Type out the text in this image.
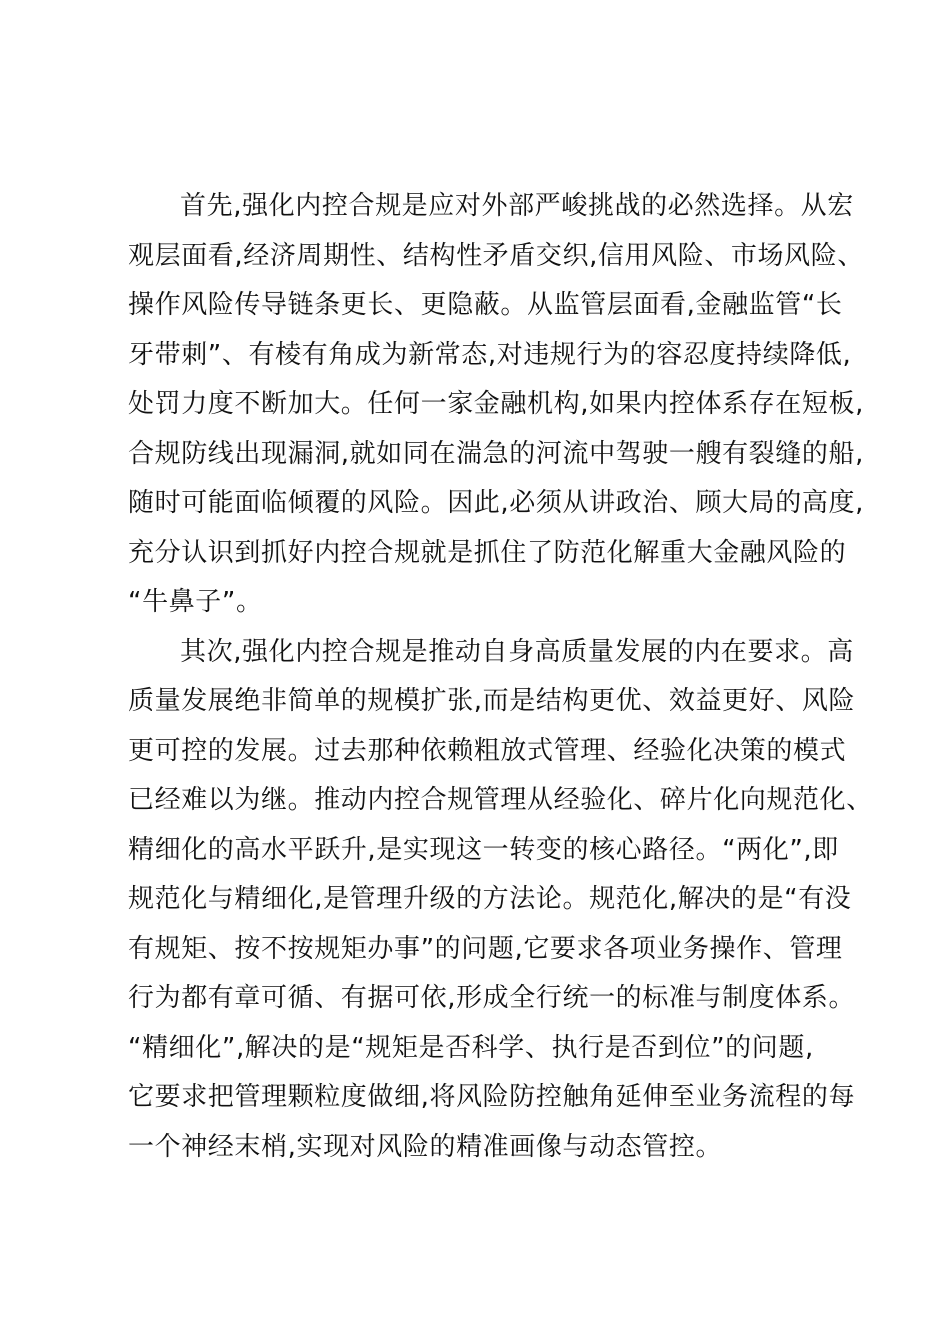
首先,强化内控合规是应对外部严峻挑战的必然选择。从宏
观层面看,经济周期性、结构性矛盾交织,信用风险、市场风险、
操作风险传导链条更长、更隐蔽。从监管层面看,金融监管“长
牙带刺”、有棱有角成为新常态,对违规行为的容忍度持续降低,
处罚力度不断加大。任何一家金融机构,如果内控体系存在短板,
合规防线出现漏洞,就如同在湍急的河流中驾驶一艘有裂缝的船,
随时可能面临倾覆的风险。因此,必须从讲政治、顾大局的高度,
充分认识到抓好内控合规就是抓住了防范化解重大金融风险的
“牛鼻子”。
其次,强化内控合规是推动自身高质量发展的内在要求。高
质量发展绝非简单的规模扩张,而是结构更优、效益更好、风险
更可控的发展。过去那种依赖粗放式管理、经验化决策的模式
已经难以为继。推动内控合规管理从经验化、碎片化向规范化、
精细化的高水平跃升,是实现这一转变的核心路径。“两化”,即
规范化与精细化,是管理升级的方法论。规范化,解决的是“有没
有规矩、按不按规矩办事”的问题,它要求各项业务操作、管理
行为都有章可循、有据可依,形成全行统一的标准与制度体系。
“精细化”,解决的是“规矩是否科学、执行是否到位”的问题,
它要求把管理颗粒度做细,将风险防控触角延伸至业务流程的每
一个神经末梢,实现对风险的精准画像与动态管控。
